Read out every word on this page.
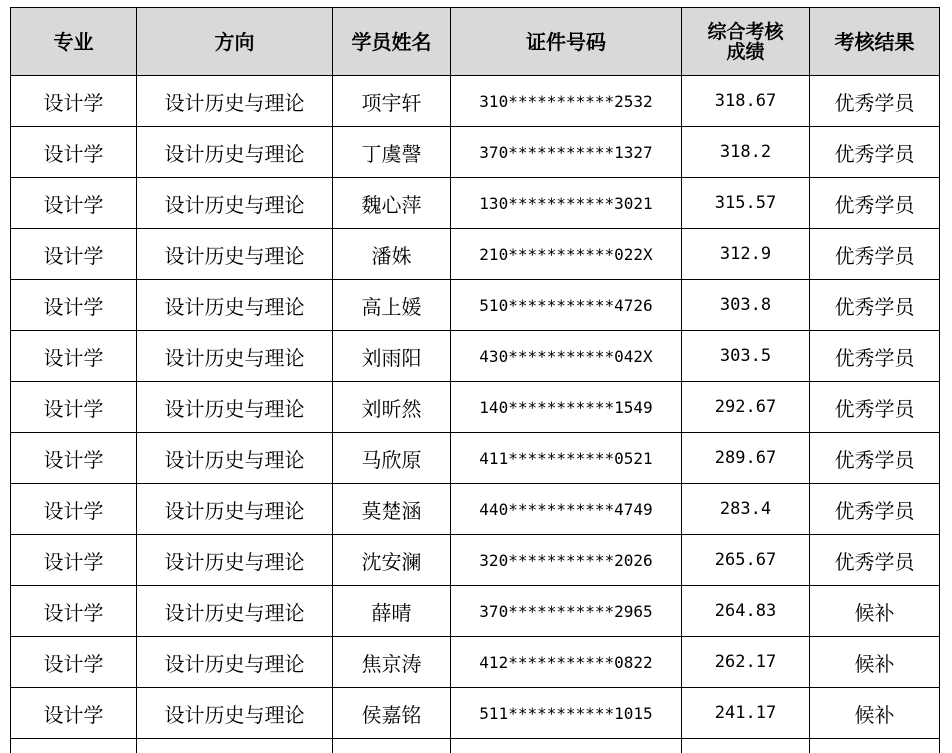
专业	方向	学员姓名	证件号码	综合考核成绩	考核结果
设计学	设计历史与理论	项宇轩	310***********2532	318.67	优秀学员
设计学	设计历史与理论	丁虞謦	370***********1327	318.2	优秀学员
设计学	设计历史与理论	魏心萍	130***********3021	315.57	优秀学员
设计学	设计历史与理论	潘姝	210***********022X	312.9	优秀学员
设计学	设计历史与理论	高上媛	510***********4726	303.8	优秀学员
设计学	设计历史与理论	刘雨阳	430***********042X	303.5	优秀学员
设计学	设计历史与理论	刘昕然	140***********1549	292.67	优秀学员
设计学	设计历史与理论	马欣原	411***********0521	289.67	优秀学员
设计学	设计历史与理论	莫楚涵	440***********4749	283.4	优秀学员
设计学	设计历史与理论	沈安澜	320***********2026	265.67	优秀学员
设计学	设计历史与理论	薛晴	370***********2965	264.83	候补
设计学	设计历史与理论	焦京涛	412***********0822	262.17	候补
设计学	设计历史与理论	侯嘉铭	511***********1015	241.17	候补
